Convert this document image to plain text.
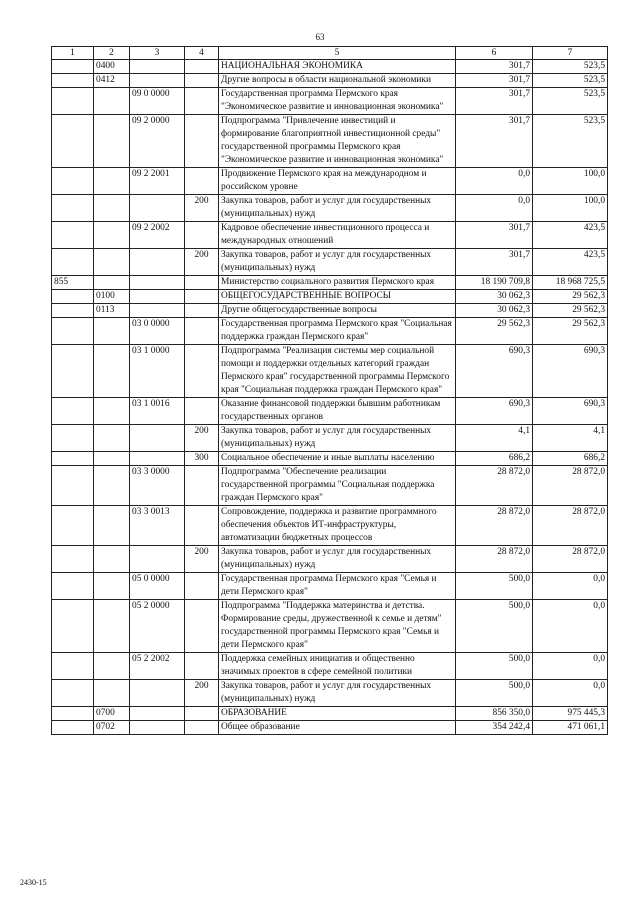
63
1	2	3	4	5	6	7
	0400			НАЦИОНАЛЬНАЯ ЭКОНОМИКА	301,7	523,5
	0412			Другие вопросы в области национальной экономики	301,7	523,5
		09 0 0000		Государственная программа Пермского края "Экономическое развитие и инновационная экономика"	301,7	523,5
		09 2 0000		Подпрограмма "Привлечение инвестиций и формирование благоприятной инвестиционной среды" государственной программы Пермского края "Экономическое развитие и инновационная экономика"	301,7	523,5
		09 2 2001		Продвижение Пермского края на международном и российском уровне	0,0	100,0
			200	Закупка товаров, работ и услуг для государственных (муниципальных) нужд	0,0	100,0
		09 2 2002		Кадровое обеспечение инвестиционного процесса и международных отношений	301,7	423,5
			200	Закупка товаров, работ и услуг для государственных (муниципальных) нужд	301,7	423,5
855				Министерство социального развития Пермского края	18 190 709,8	18 968 725,5
	0100			ОБЩЕГОСУДАРСТВЕННЫЕ ВОПРОСЫ	30 062,3	29 562,3
	0113			Другие общегосударственные вопросы	30 062,3	29 562,3
		03 0 0000		Государственная программа Пермского края "Социальная поддержка граждан Пермского края"	29 562,3	29 562,3
		03 1 0000		Подпрограмма "Реализация системы мер социальной помощи и поддержки отдельных категорий граждан Пермского края" государственной программы Пермского края "Социальная поддержка граждан Пермского края"	690,3	690,3
		03 1 0016		Оказание финансовой поддержки бывшим работникам государственных органов	690,3	690,3
			200	Закупка товаров, работ и услуг для государственных (муниципальных) нужд	4,1	4,1
			300	Социальное обеспечение и иные выплаты населению	686,2	686,2
		03 3 0000		Подпрограмма "Обеспечение реализации государственной программы "Социальная поддержка граждан Пермского края"	28 872,0	28 872,0
		03 3 0013		Сопровождение, поддержка и развитие программного обеспечения объектов ИТ-инфраструктуры, автоматизации бюджетных процессов	28 872,0	28 872,0
			200	Закупка товаров, работ и услуг для государственных (муниципальных) нужд	28 872,0	28 872,0
		05 0 0000		Государственная программа Пермского края "Семья и дети Пермского края"	500,0	0,0
		05 2 0000		Подпрограмма "Поддержка материнства и детства. Формирование среды, дружественной к семье и детям" государственной программы Пермского края "Семья и дети Пермского края"	500,0	0,0
		05 2 2002		Поддержка семейных инициатив и общественно значимых проектов в сфере семейной политики	500,0	0,0
			200	Закупка товаров, работ и услуг для государственных (муниципальных) нужд	500,0	0,0
	0700			ОБРАЗОВАНИЕ	856 350,0	975 445,3
	0702			Общее образование	354 242,4	471 061,1
2430-15
